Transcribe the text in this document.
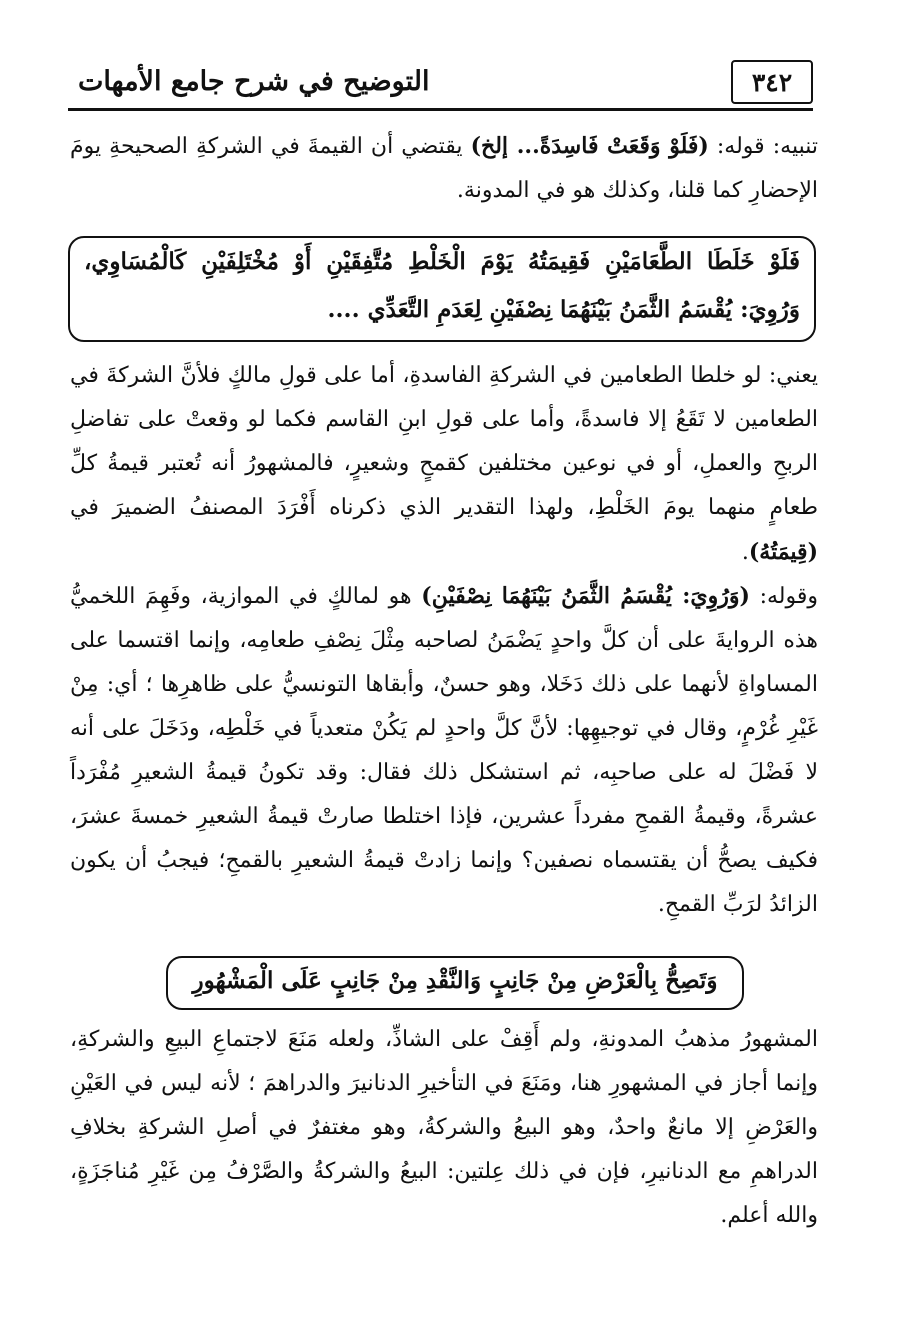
التوضيح في شرح جامع الأمهات	٣٤٢
تنبيه: قوله: (فَلَوْ وَقَعَتْ فَاسِدَةً... إلخ) يقتضي أن القيمةَ في الشركةِ الصحيحةِ يومَ الإحضارِ كما قلنا، وكذلك هو في المدونة.
فَلَوْ خَلَطَا الطَّعَامَيْنِ فَقِيمَتُهُ يَوْمَ الْخَلْطِ مُتَّفِقَيْنِ أَوْ مُخْتَلِفَيْنِ كَالْمُسَاوِي، وَرُوِيَ: يُقْسَمُ الثَّمَنُ بَيْنَهُمَا نِصْفَيْنِ لِعَدَمِ التَّعَدِّي ....
يعني: لو خلطا الطعامين في الشركةِ الفاسدةِ، أما على قولِ مالكٍ فلأنَّ الشركةَ في الطعامين لا تَقَعُ إلا فاسدةً، وأما على قولِ ابنِ القاسم فكما لو وقعتْ على تفاضلِ الربحِ والعملِ، أو في نوعين مختلفين كقمحٍ وشعيرٍ، فالمشهورُ أنه تُعتبر قيمةُ كلِّ طعامٍ منهما يومَ الخَلْطِ، ولهذا التقدير الذي ذكرناه أَفْرَدَ المصنفُ الضميرَ في (قِيمَتُهُ).
وقوله: (وَرُوِيَ: يُقْسَمُ الثَّمَنُ بَيْنَهُمَا نِصْفَيْنِ) هو لمالكٍ في الموازية، وفَهِمَ اللخميُّ هذه الروايةَ على أن كلَّ واحدٍ يَضْمَنُ لصاحبه مِثْلَ نِصْفِ طعامِه، وإنما اقتسما على المساواةِ لأنهما على ذلك دَخَلا، وهو حسنٌ، وأبقاها التونسيُّ على ظاهرِها ؛ أي: مِنْ غَيْرِ غُرْمٍ، وقال في توجيهِها: لأنَّ كلَّ واحدٍ لم يَكُنْ متعدياً في خَلْطِه، ودَخَلَ على أنه لا فَضْلَ له على صاحبِه، ثم استشكل ذلك فقال: وقد تكونُ قيمةُ الشعيرِ مُفْرَداً عشرةً، وقيمةُ القمحِ مفرداً عشرين، فإذا اختلطا صارتْ قيمةُ الشعيرِ خمسةَ عشرَ، فكيف يصحُّ أن يقتسماه نصفين؟ وإنما زادتْ قيمةُ الشعيرِ بالقمحِ؛ فيجبُ أن يكون الزائدُ لرَبِّ القمحِ.
وَتَصِحُّ بِالْعَرْضِ مِنْ جَانِبٍ وَالنَّقْدِ مِنْ جَانِبٍ عَلَى الْمَشْهُورِ
المشهورُ مذهبُ المدونةِ، ولم أَقِفْ على الشاذِّ، ولعله مَنَعَ لاجتماعِ البيعِ والشركةِ، وإنما أجاز في المشهورِ هنا، ومَنَعَ في التأخيرِ الدنانيرَ والدراهمَ ؛ لأنه ليس في العَيْنِ والعَرْضِ إلا مانعٌ واحدٌ، وهو البيعُ والشركةُ، وهو مغتفرٌ في أصلِ الشركةِ بخلافِ الدراهمِ مع الدنانيرِ، فإن في ذلك عِلتين: البيعُ والشركةُ والصَّرْفُ مِن غَيْرِ مُناجَزَةٍ، والله أعلم.
